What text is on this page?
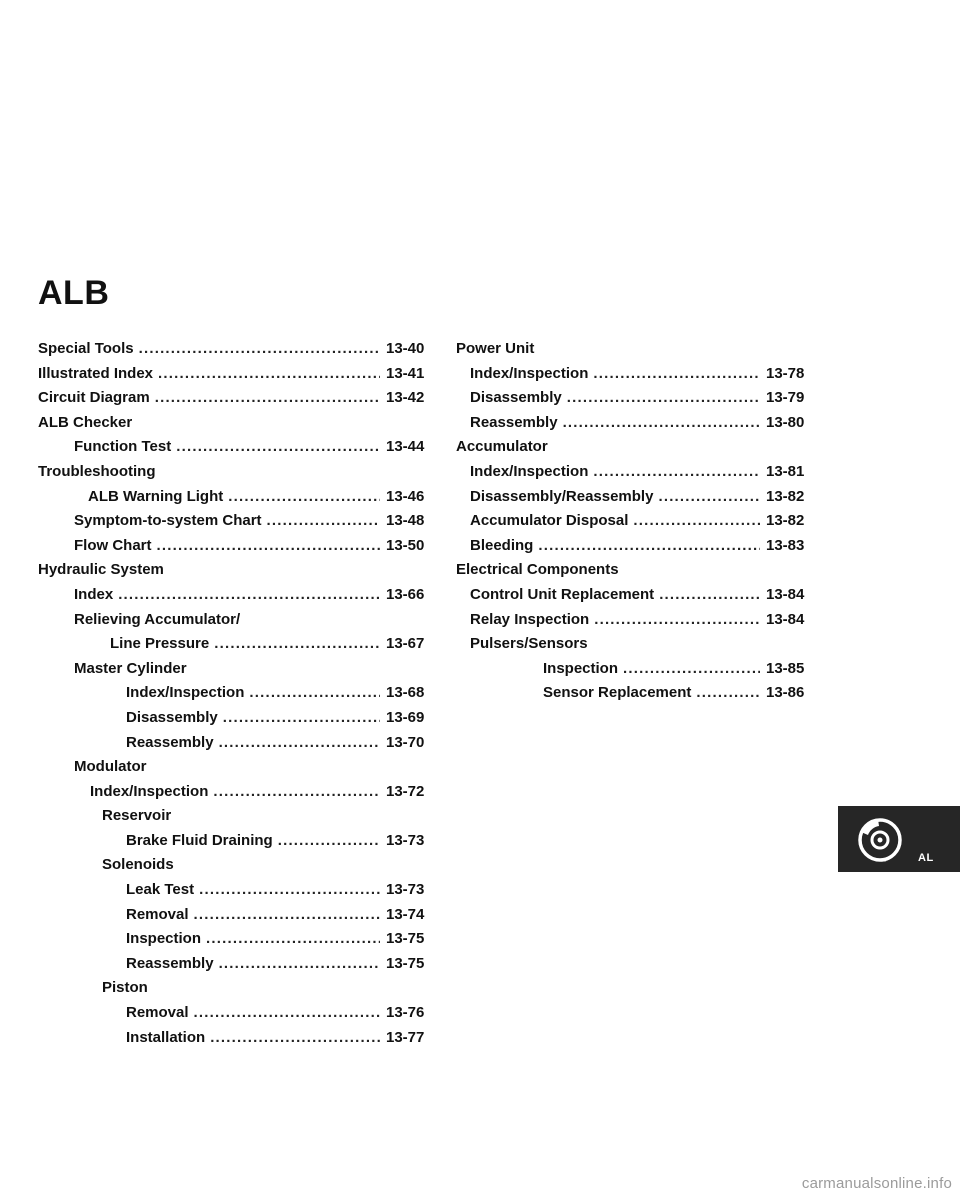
ALB
Special Tools .....	13-40
Illustrated Index .....	13-41
Circuit Diagram .....	13-42
ALB Checker
Function Test .....	13-44
Troubleshooting
ALB Warning Light .....	13-46
Symptom-to-system Chart .....	13-48
Flow Chart .....	13-50
Hydraulic System
Index .....	13-66
Relieving Accumulator/
Line Pressure .....	13-67
Master Cylinder
Index/Inspection .....	13-68
Disassembly .....	13-69
Reassembly .....	13-70
Modulator
Index/Inspection .....	13-72
Reservoir
Brake Fluid Draining .....	13-73
Solenoids
Leak Test .....	13-73
Removal .....	13-74
Inspection .....	13-75
Reassembly .....	13-75
Piston
Removal .....	13-76
Installation .....	13-77
Power Unit
Index/Inspection .....	13-78
Disassembly .....	13-79
Reassembly .....	13-80
Accumulator
Index/Inspection .....	13-81
Disassembly/Reassembly .....	13-82
Accumulator Disposal .....	13-82
Bleeding .....	13-83
Electrical Components
Control Unit Replacement .....	13-84
Relay Inspection .....	13-84
Pulsers/Sensors
Inspection .....	13-85
Sensor Replacement .....	13-86
AL
carmanualsonline.info
